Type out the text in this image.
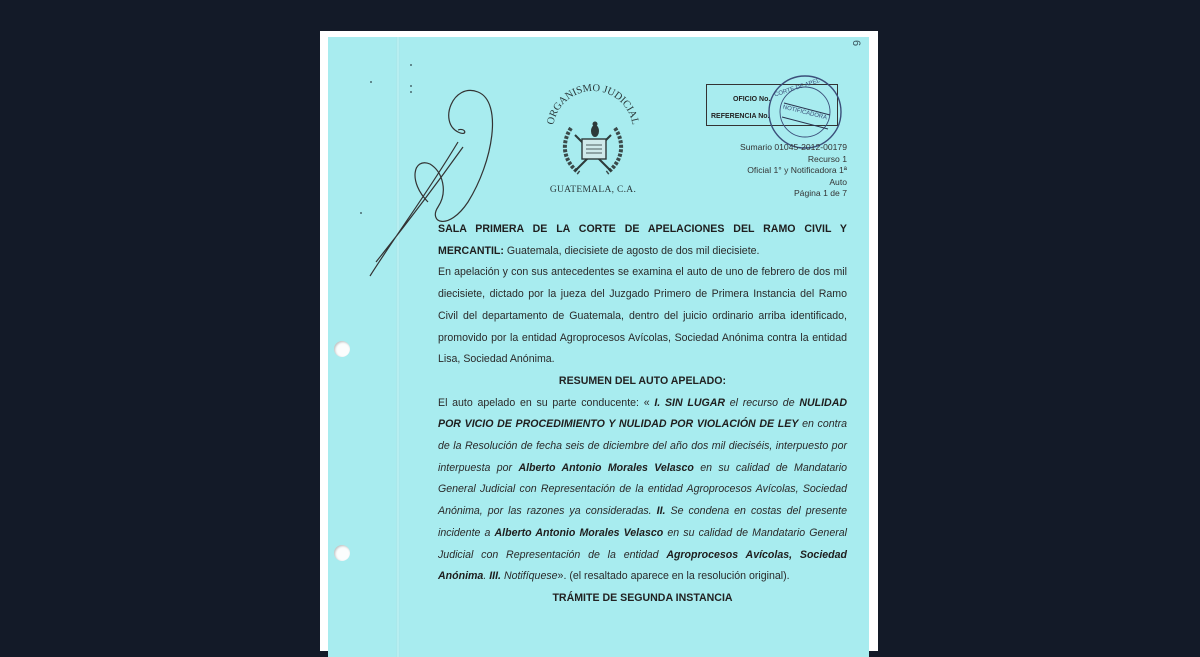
6
ORGANISMO JUDICIAL
GUATEMALA, C.A.
OFICIO No.
REFERENCIA No. NOTIFICADORA
CORTE DE APEL
Sumario 01045-2012-00179
Recurso 1
Oficial 1° y Notificadora 1ª
Auto
Página 1 de 7

SALA PRIMERA DE LA CORTE DE APELACIONES DEL RAMO CIVIL Y MERCANTIL: Guatemala, diecisiete de agosto de dos mil diecisiete.

En apelación y con sus antecedentes se examina el auto de uno de febrero de dos mil diecisiete, dictado por la jueza del Juzgado Primero de Primera Instancia del Ramo Civil del departamento de Guatemala, dentro del juicio ordinario arriba identificado, promovido por la entidad Agroprocesos Avícolas, Sociedad Anónima contra la entidad Lisa, Sociedad Anónima.

RESUMEN DEL AUTO APELADO:

El auto apelado en su parte conducente: « I. SIN LUGAR el recurso de NULIDAD POR VICIO DE PROCEDIMIENTO Y NULIDAD POR VIOLACIÓN DE LEY en contra de la Resolución de fecha seis de diciembre del año dos mil dieciséis, interpuesto por interpuesta por Alberto Antonio Morales Velasco en su calidad de Mandatario General Judicial con Representación de la entidad Agroprocesos Avícolas, Sociedad Anónima, por las razones ya consideradas. II. Se condena en costas del presente incidente a Alberto Antonio Morales Velasco en su calidad de Mandatario General Judicial con Representación de la entidad Agroprocesos Avícolas, Sociedad Anónima. III. Notifíquese». (el resaltado aparece en la resolución original).

TRÁMITE DE SEGUNDA INSTANCIA
